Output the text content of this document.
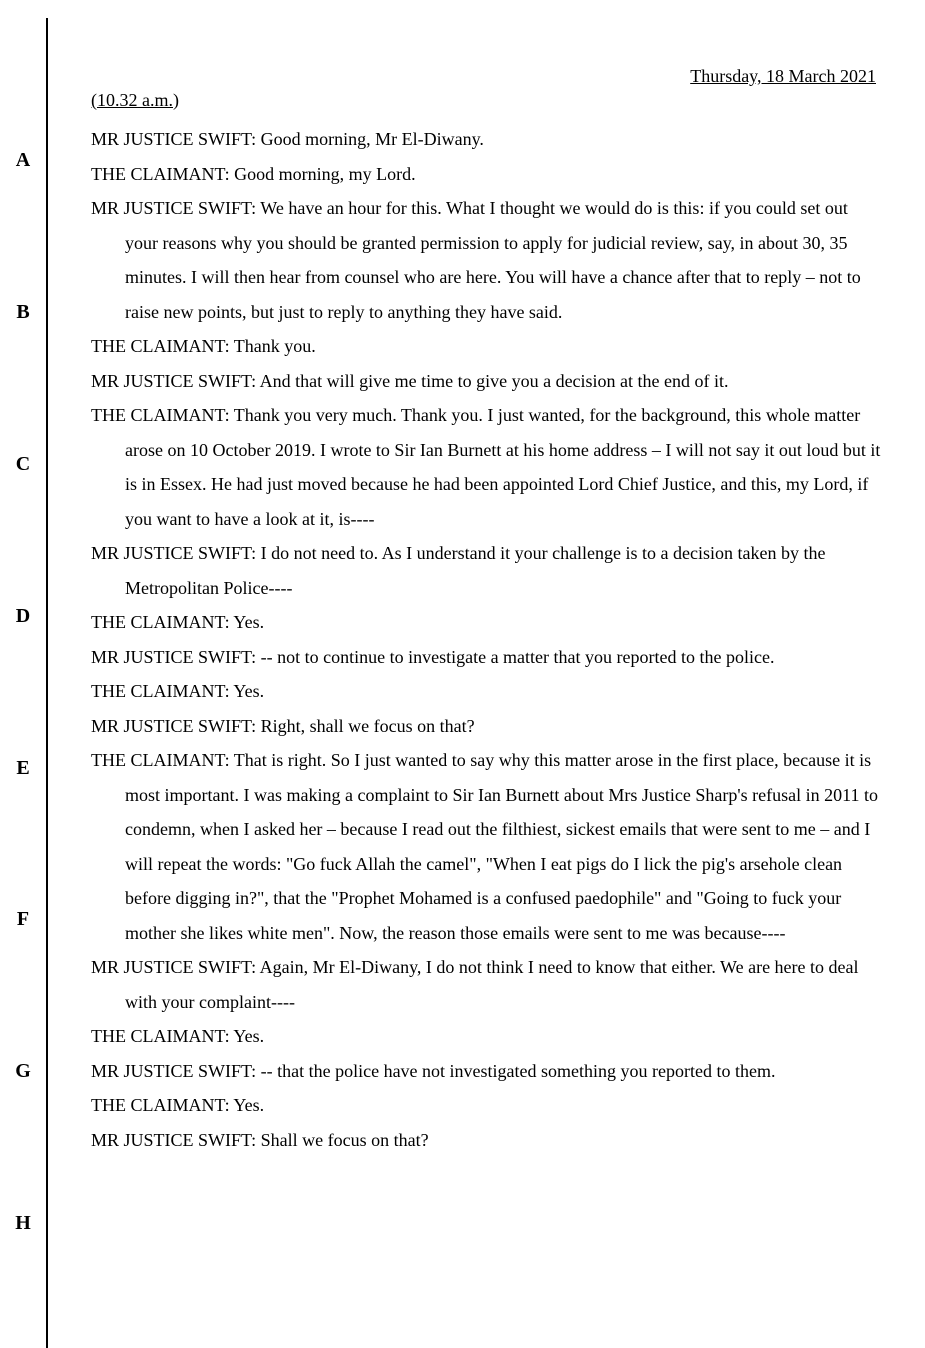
A
B
C
D
E
F
G
H
Thursday, 18 March 2021

(10.32 a.m.)

MR JUSTICE SWIFT: Good morning, Mr El-Diwany.

THE CLAIMANT: Good morning, my Lord.

MR JUSTICE SWIFT: We have an hour for this. What I thought we would do is this: if you could set out your reasons why you should be granted permission to apply for judicial review, say, in about 30, 35 minutes. I will then hear from counsel who are here. You will have a chance after that to reply – not to raise new points, but just to reply to anything they have said.

THE CLAIMANT: Thank you.

MR JUSTICE SWIFT: And that will give me time to give you a decision at the end of it.

THE CLAIMANT: Thank you very much. Thank you. I just wanted, for the background, this whole matter arose on 10 October 2019. I wrote to Sir Ian Burnett at his home address – I will not say it out loud but it is in Essex. He had just moved because he had been appointed Lord Chief Justice, and this, my Lord, if you want to have a look at it, is----

MR JUSTICE SWIFT: I do not need to. As I understand it your challenge is to a decision taken by the Metropolitan Police----

THE CLAIMANT: Yes.

MR JUSTICE SWIFT: -- not to continue to investigate a matter that you reported to the police.

THE CLAIMANT: Yes.

MR JUSTICE SWIFT: Right, shall we focus on that?

THE CLAIMANT: That is right. So I just wanted to say why this matter arose in the first place, because it is most important. I was making a complaint to Sir Ian Burnett about Mrs Justice Sharp's refusal in 2011 to condemn, when I asked her – because I read out the filthiest, sickest emails that were sent to me – and I will repeat the words: "Go fuck Allah the camel", "When I eat pigs do I lick the pig's arsehole clean before digging in?", that the "Prophet Mohamed is a confused paedophile" and "Going to fuck your mother she likes white men". Now, the reason those emails were sent to me was because----

MR JUSTICE SWIFT: Again, Mr El-Diwany, I do not think I need to know that either. We are here to deal with your complaint----

THE CLAIMANT: Yes.

MR JUSTICE SWIFT: -- that the police have not investigated something you reported to them.

THE CLAIMANT: Yes.

MR JUSTICE SWIFT: Shall we focus on that?
